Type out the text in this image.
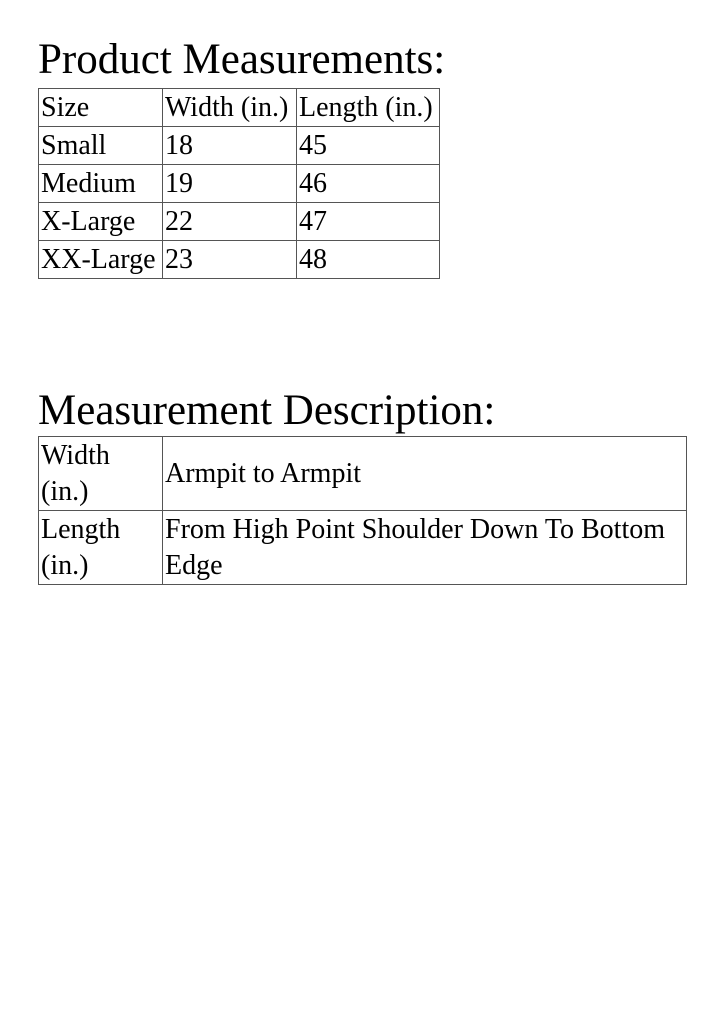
Product Measurements:
Size	Width (in.)	Length (in.)
Small	18	45
Medium	19	46
X-Large	22	47
XX-Large	23	48
Measurement Description:
Width (in.)	Armpit to Armpit
Length (in.)	From High Point Shoulder Down To Bottom Edge
